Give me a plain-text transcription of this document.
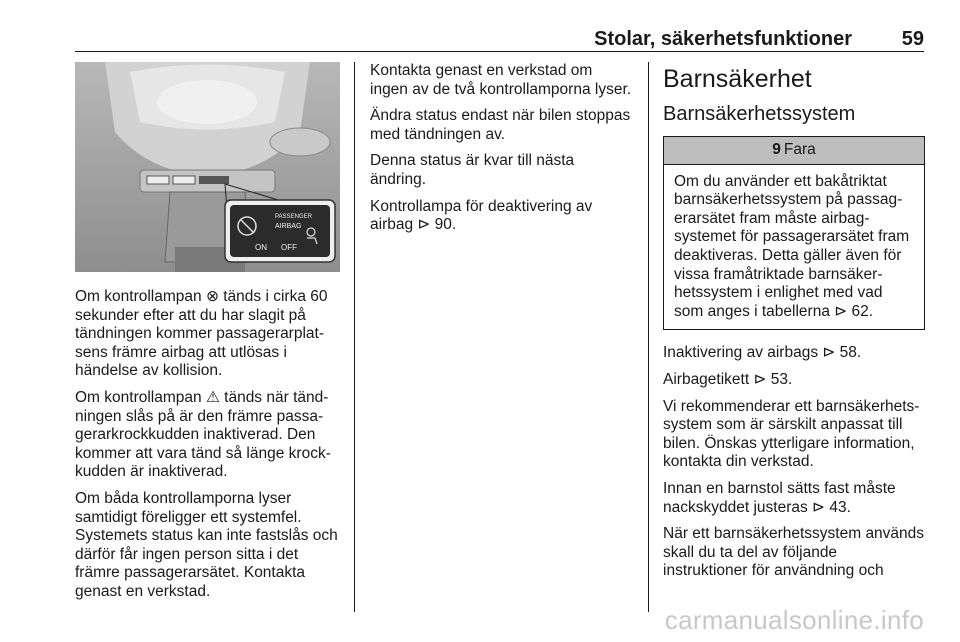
Stolar, säkerhetsfunktioner 59
PASSENGER
AIRBAG
ON OFF

Om kontrollampan ⊗ tänds i cirka 60 sekunder efter att du har slagit på tändningen kommer passagerarplatsens främre airbag att utlösas i händelse av kollision.

Om kontrollampan ⚠ tänds när tändningen slås på är den främre passagerarkrockkudden inaktiverad. Den kommer att vara tänd så länge krockkudden är inaktiverad.

Om båda kontrollamporna lyser samtidigt föreligger ett systemfel. Systemets status kan inte fastslås och därför får ingen person sitta i det främre passagerarsätet. Kontakta genast en verkstad.

Kontakta genast en verkstad om ingen av de två kontrollamporna lyser.

Ändra status endast när bilen stoppas med tändningen av.

Denna status är kvar till nästa ändring.

Kontrollampa för deaktivering av airbag ⊳ 90.

Barnsäkerhet
Barnsäkerhetssystem
9 Fara
Om du använder ett bakåtriktat barnsäkerhetssystem på passagerarsätet fram måste airbagsystemet för passagerarsätet fram deaktiveras. Detta gäller även för vissa framåtriktade barnsäkerhetssystem i enlighet med vad som anges i tabellerna ⊳ 62.

Inaktivering av airbags ⊳ 58.

Airbagetikett ⊳ 53.

Vi rekommenderar ett barnsäkerhetssystem som är särskilt anpassat till bilen. Önskas ytterligare information, kontakta din verkstad.

Innan en barnstol sätts fast måste nackskyddet justeras ⊳ 43.

När ett barnsäkerhetssystem används skall du ta del av följande instruktioner för användning och

carmanualsonline.info
